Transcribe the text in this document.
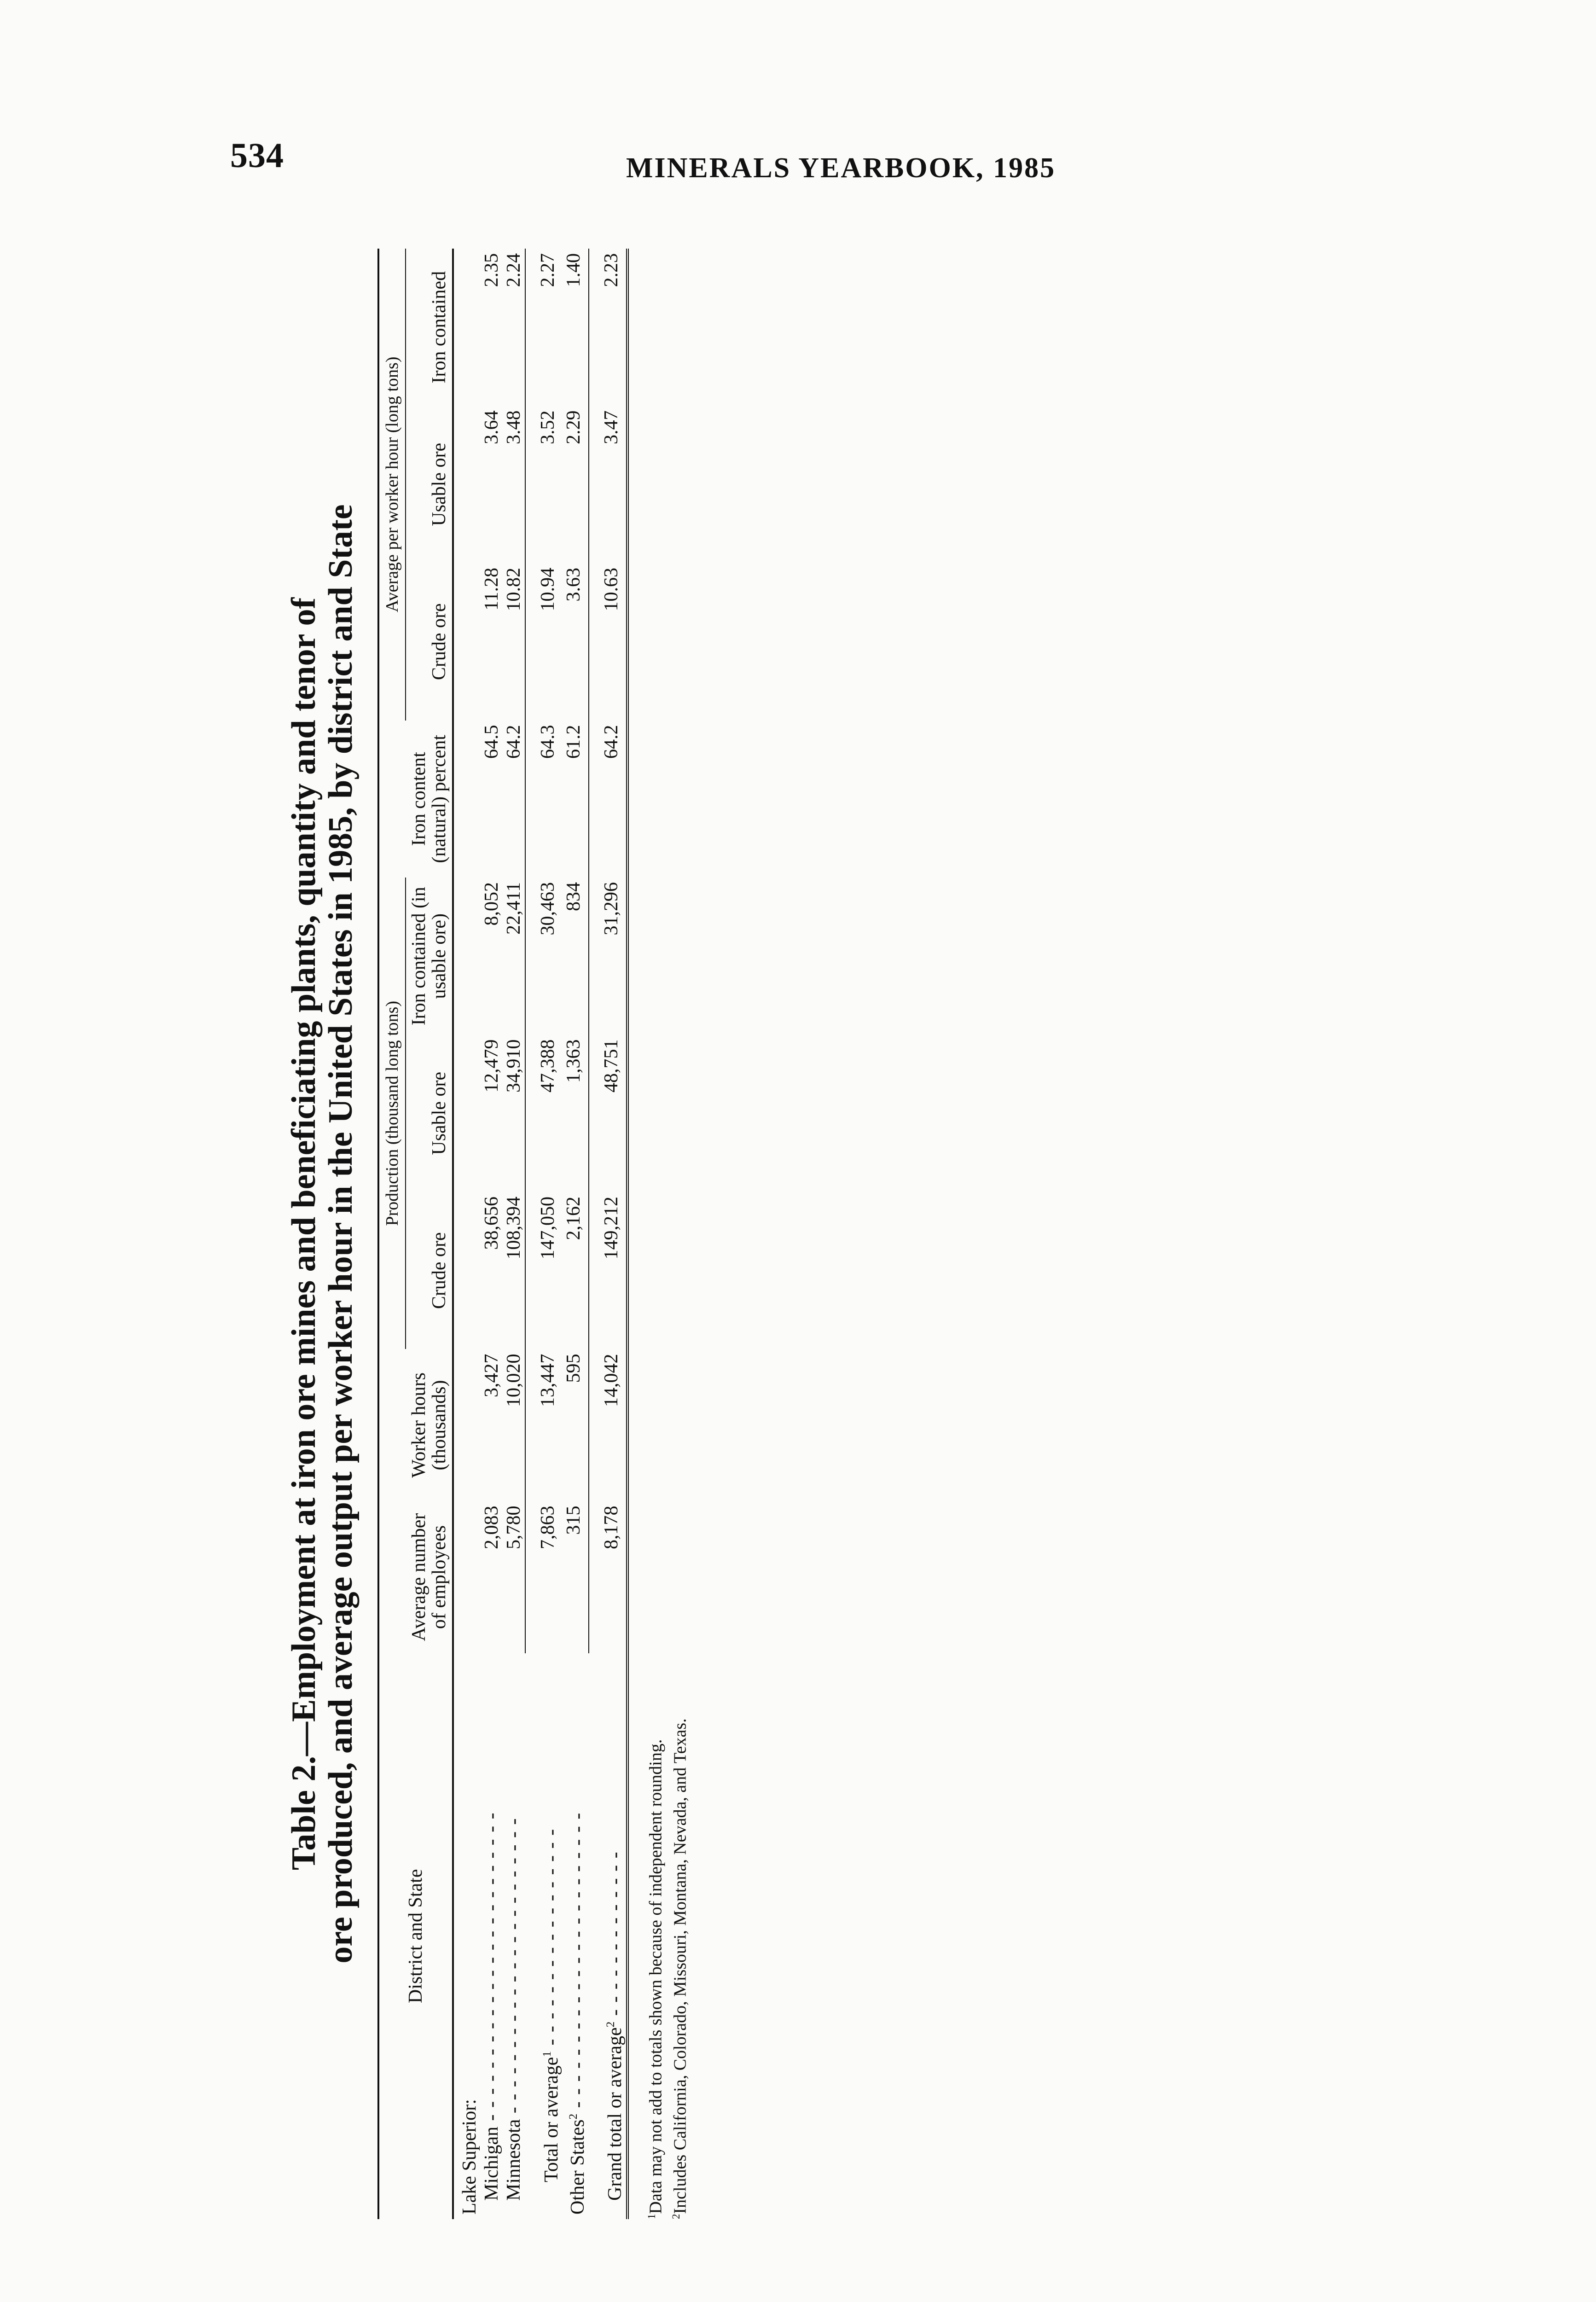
534	MINERALS YEARBOOK, 1985
Table 2.—Employment at iron ore mines and beneficiating plants, quantity and tenor of
ore produced, and average output per worker hour in the United States in 1985, by district and State District and State	Average number of employees	Worker hours (thousands)	Production (thousand long tons)			Iron content (natural) percent	Average per worker hour (long tons)		
			Crude ore	Usable ore	Iron contained (in usable ore)		Crude ore	Usable ore	Iron contained
Lake Superior:									
Michigan - - - - - - - - - - - - - - - - - - - - - - - -	2,083	3,427	38,656	12,479	8,052	64.5	11.28	3.64	2.35
Minnesota - - - - - - - - - - - - - - - - - - - - - - -	5,780	10,020	108,394	34,910	22,411	64.2	10.82	3.48	2.24
Total or average$^1$ - - - - - - - - - - - - - - - - -	7,863	13,447	147,050	47,388	30,463	64.3	10.94	3.52	2.27
Other States$^2$ - - - - - - - - - - - - - - - - - - - - - - -	315	595	2,162	1,363	834	61.2	3.63	2.29	1.40
Grand total or average$^2$ - - - - - - - - - - - - -	8,178	14,042	149,212	48,751	31,296	64.2	10.63	3.47	2.23

$^1$Data may not add to totals shown because of independent rounding.
$^2$Includes California, Colorado, Missouri, Montana, Nevada, and Texas.
